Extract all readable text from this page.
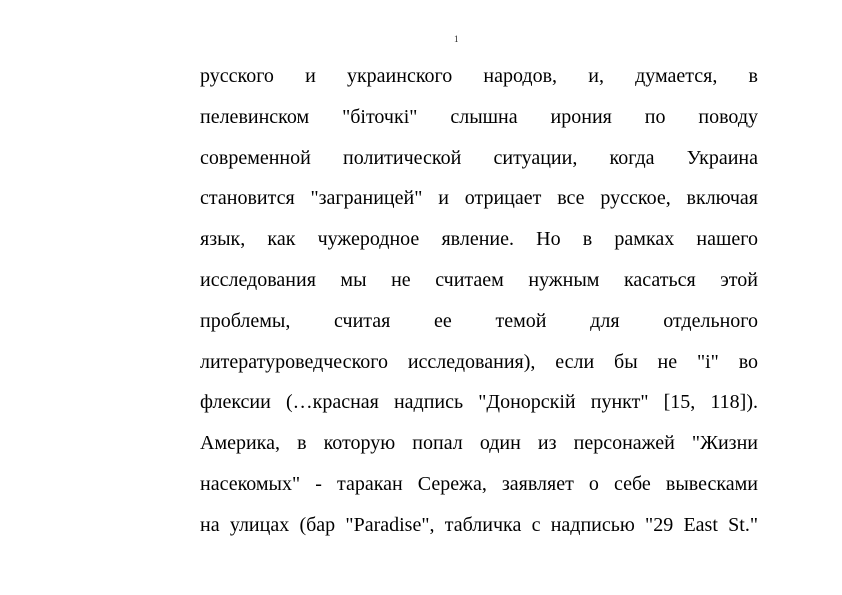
1
русского и украинского народов, и, думается, в
пелевинском "біточкі" слышна ирония по поводу
современной политической ситуации, когда Украина
становится "заграницей" и отрицает все русское, включая
язык, как чужеродное явление. Но в рамках нашего
исследования мы не считаем нужным касаться этой
проблемы, считая ее темой для отдельного
литературоведческого исследования), если бы не "і" во
флексии (…красная надпись "Донорскій пункт" [15, 118]).
Америка, в которую попал один из персонажей "Жизни
насекомых" - таракан Сережа, заявляет о себе вывесками
на улицах (бар "Paradise", табличка с надписью "29 East St."
